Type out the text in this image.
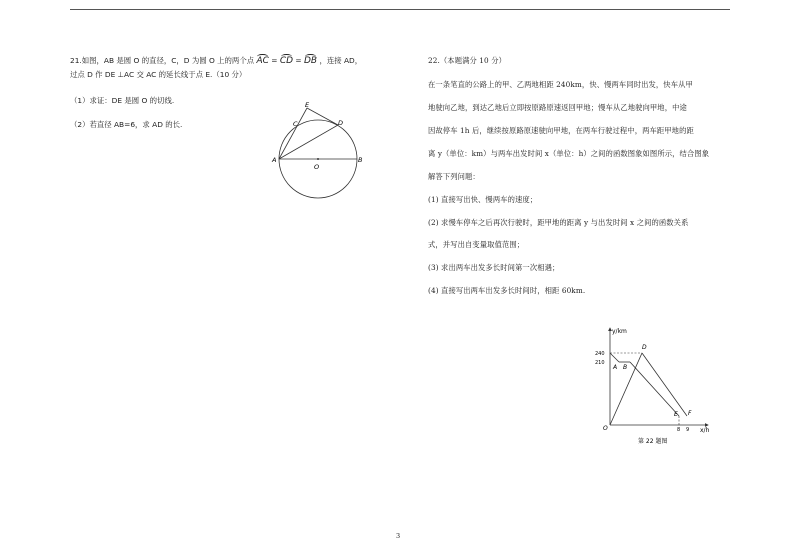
21.如图，AB 是圆 O 的直径，C，D 为圆 O 上的两个点 AC = CD = DB ，连接 AD，
过点 D 作 DE ⊥AC 交 AC 的延长线于点 E.（10 分）
（1）求证：DE 是圆 O 的切线.
（2）若直径 AB=6，求 AD 的长.
E
C	D
A	B
O
22.（本题满分 10 分）
在一条笔直的公路上的甲、乙两地相距 240km，快、慢两车同时出发，快车从甲
地驶向乙地，到达乙地后立即按原路原速返回甲地；慢车从乙地驶向甲地，中途
因故停车 1h 后，继续按原路原速驶向甲地，在两车行驶过程中，两车距甲地的距
离 y（单位：km）与两车出发时间 x（单位：h）之间的函数图象如图所示，结合图象
解答下列问题：
(1) 直接写出快、慢两车的速度；
(2) 求慢车停车之后再次行驶时，距甲地的距离 y 与出发时间 x 之间的函数关系
式，并写出自变量取值范围；
(3) 求出两车出发多长时间第一次相遇；
(4) 直接写出两车出发多长时间时，相距 60km.
y/km
x/h
240
210
8 9
D
A B
E F
O
第 22 题图
3
